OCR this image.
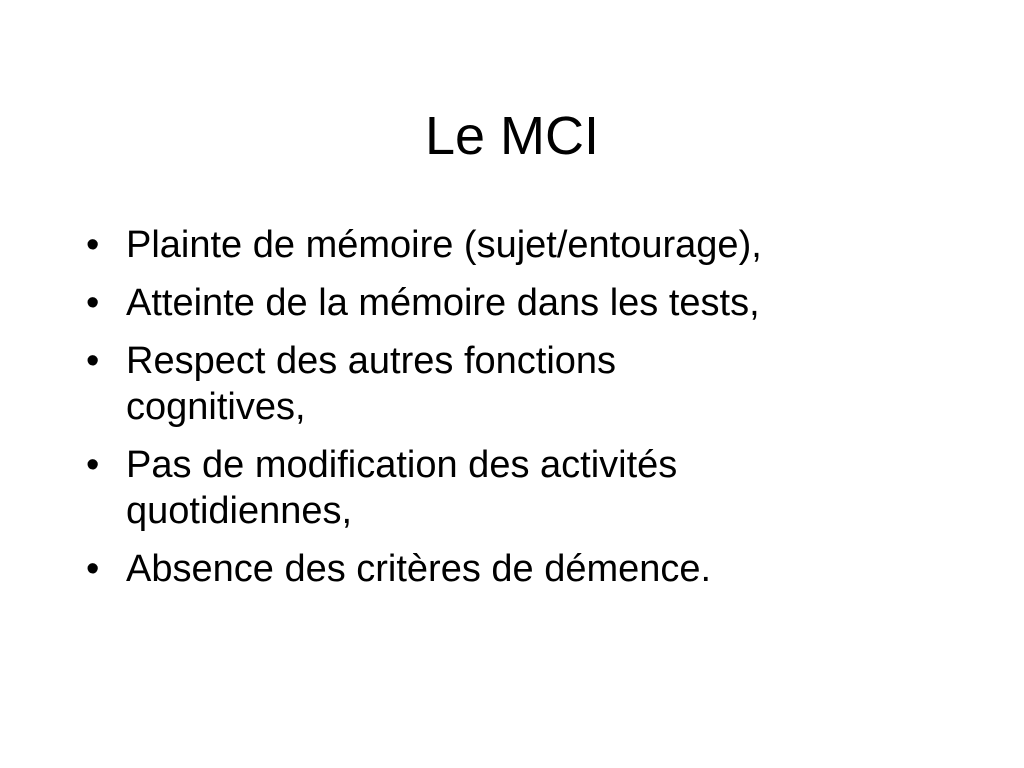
Le MCI
• Plainte de mémoire (sujet/entourage),
• Atteinte de la mémoire dans les tests,
• Respect des autres fonctions cognitives,
• Pas de modification des activités quotidiennes,
• Absence des critères de démence.
